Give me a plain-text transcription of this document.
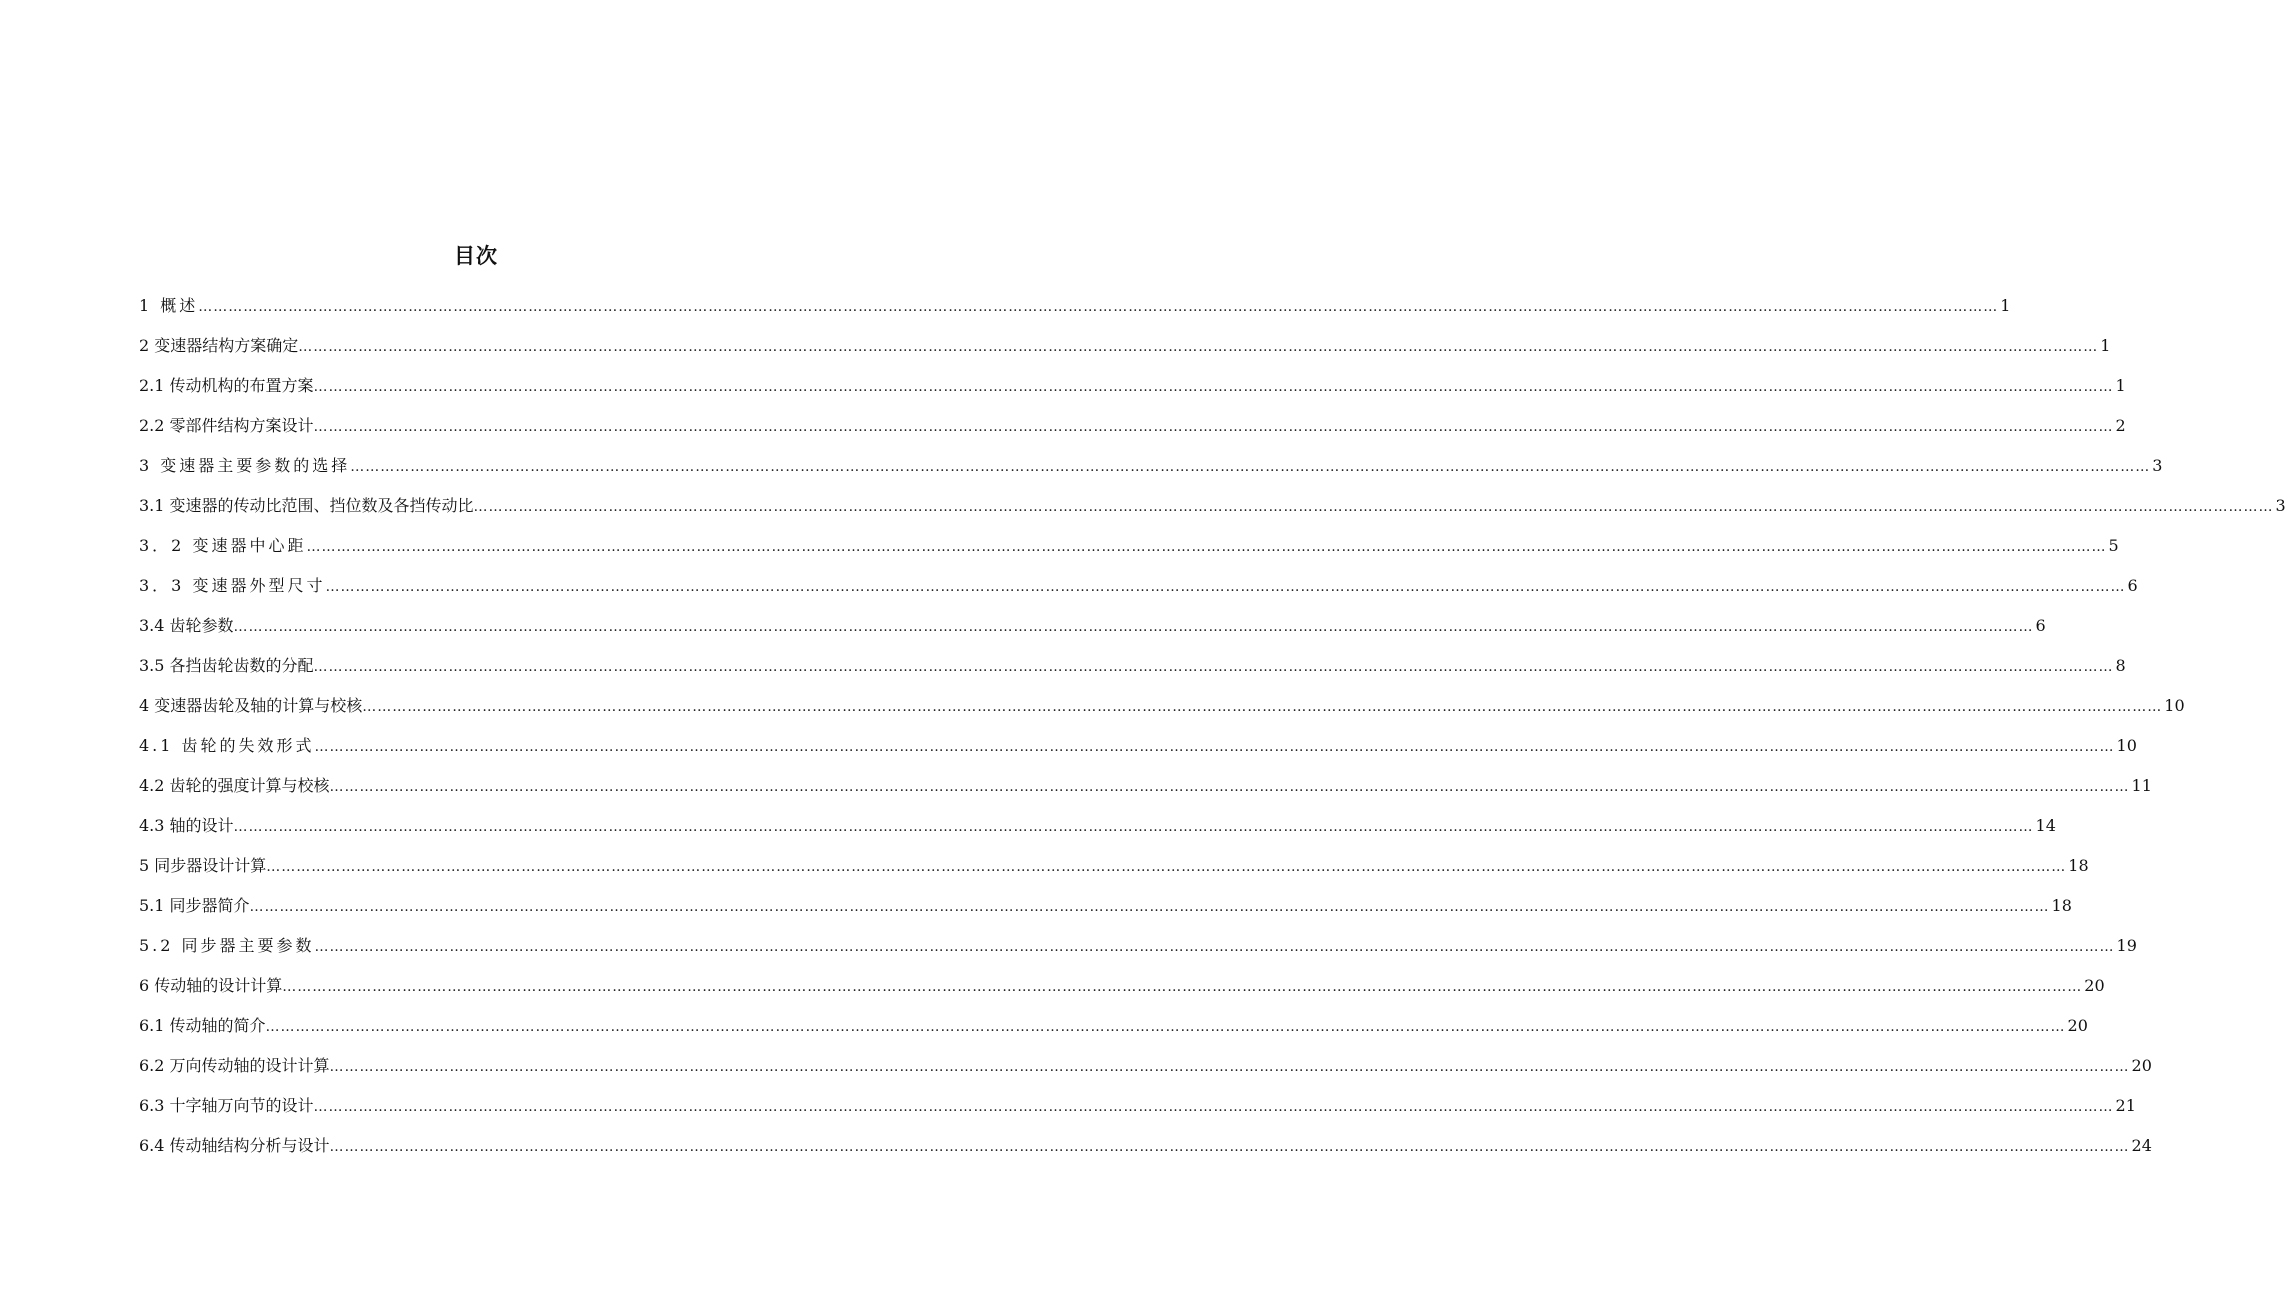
目次
1 概述 ……………………………………………………………………………………………………………………………………………………………………………………………………………………………………………………………………………………………………………………………… 1
2 变速器结构方案确定 ……………………………………………………………………………………………………………………………………………………………………………………………………………………………………………………………………………………………………………………………… 1
2.1 传动机构的布置方案 ……………………………………………………………………………………………………………………………………………………………………………………………………………………………………………………………………………………………………………………………… 1
2.2 零部件结构方案设计 ……………………………………………………………………………………………………………………………………………………………………………………………………………………………………………………………………………………………………………………………… 2
3 变速器主要参数的选择 ……………………………………………………………………………………………………………………………………………………………………………………………………………………………………………………………………………………………………………………………… 3
3.1 变速器的传动比范围、挡位数及各挡传动比 ……………………………………………………………………………………………………………………………………………………………………………………………………………………………………………………………………………………………………………………………… 3
3．2 变速器中心距 ……………………………………………………………………………………………………………………………………………………………………………………………………………………………………………………………………………………………………………………………… 5
3．3 变速器外型尺寸 ……………………………………………………………………………………………………………………………………………………………………………………………………………………………………………………………………………………………………………………………… 6
3.4 齿轮参数 ……………………………………………………………………………………………………………………………………………………………………………………………………………………………………………………………………………………………………………………………… 6
3.5 各挡齿轮齿数的分配 ……………………………………………………………………………………………………………………………………………………………………………………………………………………………………………………………………………………………………………………………… 8
4 变速器齿轮及轴的计算与校核 ……………………………………………………………………………………………………………………………………………………………………………………………………………………………………………………………………………………………………………………………… 10
4.1 齿轮的失效形式 ……………………………………………………………………………………………………………………………………………………………………………………………………………………………………………………………………………………………………………………………… 10
4.2 齿轮的强度计算与校核 ……………………………………………………………………………………………………………………………………………………………………………………………………………………………………………………………………………………………………………………………… 11
4.3 轴的设计 ……………………………………………………………………………………………………………………………………………………………………………………………………………………………………………………………………………………………………………………………… 14
5 同步器设计计算 ……………………………………………………………………………………………………………………………………………………………………………………………………………………………………………………………………………………………………………………………… 18
5.1 同步器简介 ……………………………………………………………………………………………………………………………………………………………………………………………………………………………………………………………………………………………………………………………… 18
5.2 同步器主要参数 ……………………………………………………………………………………………………………………………………………………………………………………………………………………………………………………………………………………………………………………………… 19
6 传动轴的设计计算 ……………………………………………………………………………………………………………………………………………………………………………………………………………………………………………………………………………………………………………………………… 20
6.1 传动轴的简介 ……………………………………………………………………………………………………………………………………………………………………………………………………………………………………………………………………………………………………………………………… 20
6.2 万向传动轴的设计计算 ……………………………………………………………………………………………………………………………………………………………………………………………………………………………………………………………………………………………………………………………… 20
6.3 十字轴万向节的设计 ……………………………………………………………………………………………………………………………………………………………………………………………………………………………………………………………………………………………………………………………… 21
6.4 传动轴结构分析与设计 ……………………………………………………………………………………………………………………………………………………………………………………………………………………………………………………………………………………………………………………………… 24
